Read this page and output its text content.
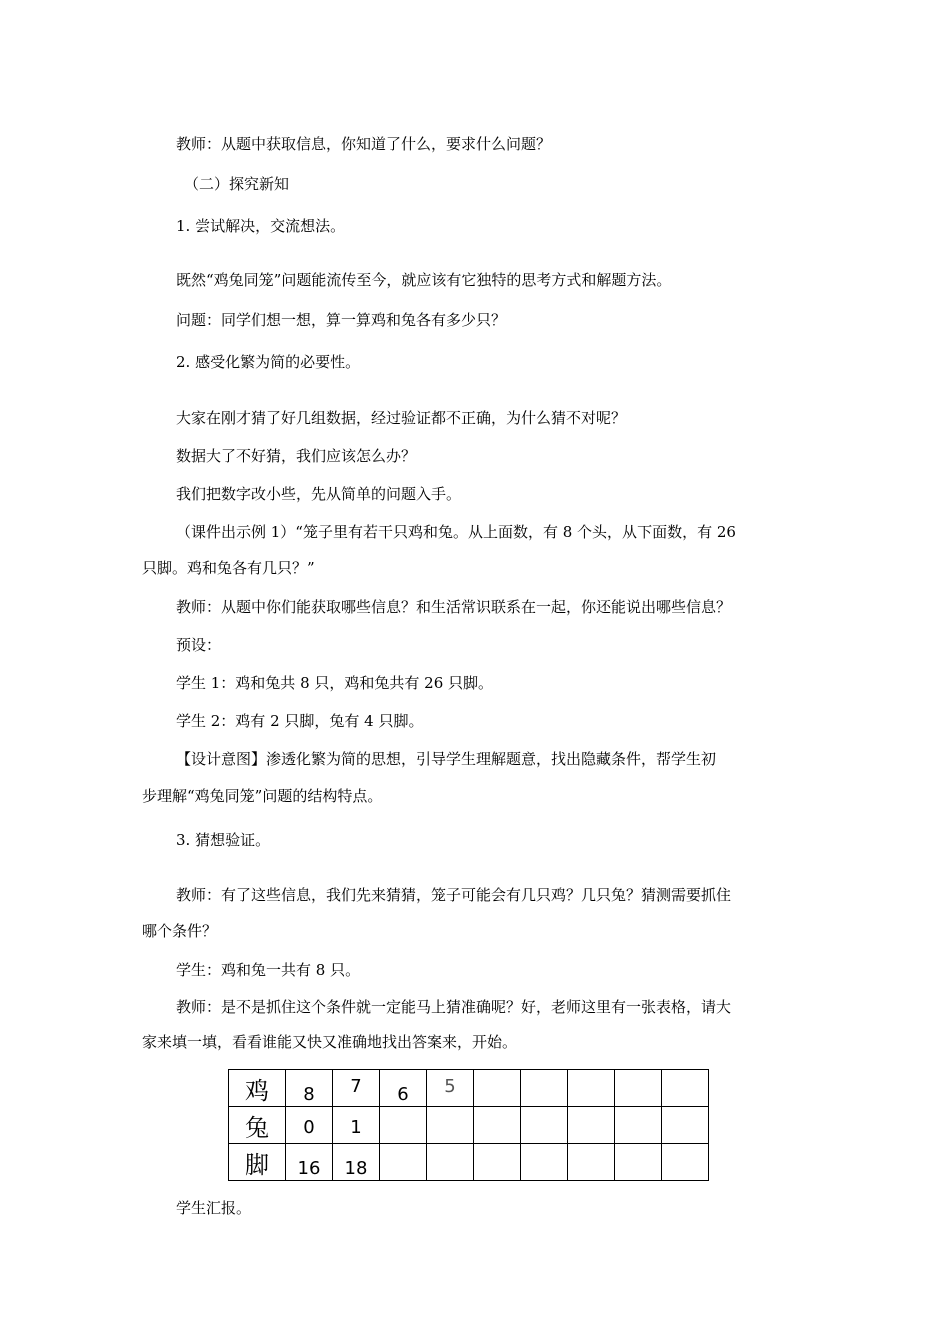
教师：从题中获取信息，你知道了什么，要求什么问题？
（二）探究新知
1. 尝试解决，交流想法。
既然“鸡兔同笼”问题能流传至今，就应该有它独特的思考方式和解题方法。
问题：同学们想一想，算一算鸡和兔各有多少只？
2. 感受化繁为简的必要性。
大家在刚才猜了好几组数据，经过验证都不正确，为什么猜不对呢？
数据大了不好猜，我们应该怎么办？
我们把数字改小些，先从简单的问题入手。
（课件出示例 1）“笼子里有若干只鸡和兔。从上面数，有 8 个头，从下面数，有 26
只脚。鸡和兔各有几只？”
教师：从题中你们能获取哪些信息？和生活常识联系在一起，你还能说出哪些信息？
预设：
学生 1：鸡和兔共 8 只，鸡和兔共有 26 只脚。
学生 2：鸡有 2 只脚，兔有 4 只脚。
【设计意图】渗透化繁为简的思想，引导学生理解题意，找出隐藏条件，帮学生初
步理解“鸡兔同笼”问题的结构特点。
3. 猜想验证。
教师：有了这些信息，我们先来猜猜，笼子可能会有几只鸡？几只兔？猜测需要抓住
哪个条件？
学生：鸡和兔一共有 8 只。
教师：是不是抓住这个条件就一定能马上猜准确呢？好，老师这里有一张表格，请大
家来填一填，看看谁能又快又准确地找出答案来，开始。
鸡	8	7	6	5					

兔	0	1							

脚	16	18							

学生汇报。
